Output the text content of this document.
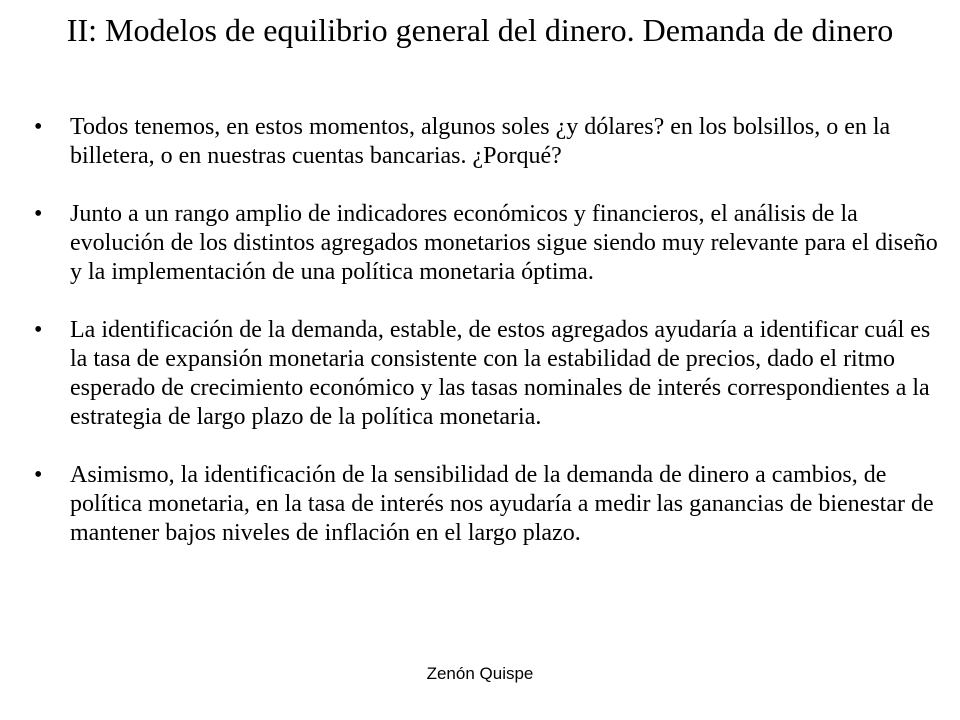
II: Modelos de equilibrio general del dinero. Demanda de dinero
• Todos tenemos, en estos momentos, algunos soles ¿y dólares? en los bolsillos, o en la billetera, o en nuestras cuentas bancarias. ¿Porqué?
• Junto a un rango amplio de indicadores económicos y financieros, el análisis de la evolución de los distintos agregados monetarios sigue siendo muy relevante para el diseño y la implementación de una política monetaria óptima.
• La identificación de la demanda, estable, de estos agregados ayudaría a identificar cuál es la tasa de expansión monetaria consistente con la estabilidad de precios, dado el ritmo esperado de crecimiento económico y las tasas nominales de interés correspondientes a la estrategia de largo plazo de la política monetaria.
• Asimismo, la identificación de la sensibilidad de la demanda de dinero a cambios, de política monetaria, en la tasa de interés nos ayudaría a medir las ganancias de bienestar de mantener bajos niveles de inflación en el largo plazo.
Zenón Quispe
